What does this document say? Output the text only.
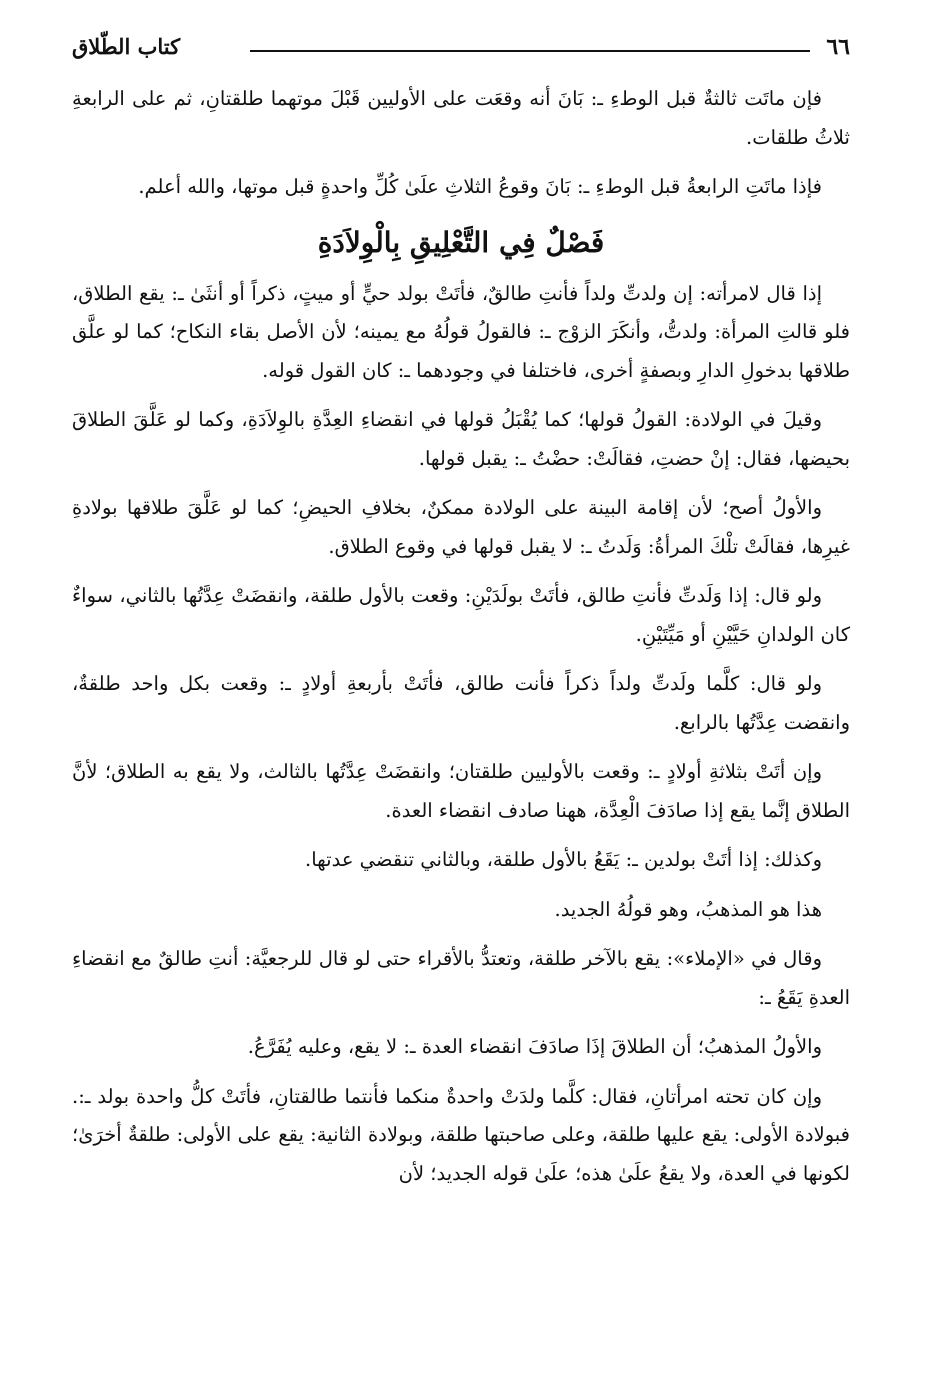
٦٦
كتاب الطّلاق

فإن ماتَت ثالثةٌ قبل الوطءِ ـ: بَانَ أنه وقعَت على الأوليين قَبْلَ موتهما طلقتانِ، ثم على الرابعةِ ثلاثُ طلقات.

فإذا ماتَتِ الرابعةُ قبل الوطءِ ـ: بَانَ وقوعُ الثلاثِ علَىٰ كُلِّ واحدةٍ قبل موتها، والله أعلم.

فَصْلٌ فِي التَّعْلِيقِ بِالْوِلاَدَةِ

إذا قال لامرأته: إن ولدتِّ ولداً فأنتِ طالقٌ، فأتَتْ بولد حيٍّ أو ميتٍ، ذكراً أو أنثَىٰ ـ: يقع الطلاق، فلو قالتِ المرأة: ولدتُّ، وأنكَرَ الزوْج ـ: فالقولُ قولُهُ مع يمينه؛ لأن الأصل بقاء النكاح؛ كما لو علَّق طلاقها بدخولِ الدارِ وبصفةٍ أخرى، فاختلفا في وجودهما ـ: كان القول قوله.

وقيلَ في الولادة: القولُ قولها؛ كما يُقْبَلُ قولها في انقضاءِ العِدَّةِ بالوِلاَدَةِ، وكما لو عَلَّقَ الطلاقَ بحيضها، فقال: إنْ حضتِ، فقالَتْ: حضْتُ ـ: يقبل قولها.

والأولُ أصح؛ لأن إقامة البينة على الولادة ممكنٌ، بخلافِ الحيضِ؛ كما لو عَلَّقَ طلاقها بولادةِ غيرِها، فقالَتْ تلْكَ المرأةُ: وَلَدتُ ـ: لا يقبل قولها في وقوع الطلاق.

ولو قال: إذا وَلَدتِّ فأنتِ طالق، فأتَتْ بولَدَيْنِ: وقعت بالأول طلقة، وانقضَتْ عِدَّتُها بالثاني، سواءٌ كان الولدانِ حَيَّيْنِ أو مَيِّتَيْنِ.

ولو قال: كلَّما ولَدتِّ ولداً ذكراً فأنت طالق، فأتَتْ بأربعةِ أولادٍ ـ: وقعت بكل واحد طلقةٌ، وانقضت عِدَّتُها بالرابع.

وإن أتَتْ بثلاثةِ أولادٍ ـ: وقعت بالأوليين طلقتان؛ وانقضَتْ عِدَّتُها بالثالث، ولا يقع به الطلاق؛ لأنَّ الطلاق إنَّما يقع إذا صادَفَ الْعِدَّة، ههنا صادف انقضاء العدة.

وكذلك: إذا أتَتْ بولدين ـ: يَقَعُ بالأول طلقة، وبالثاني تنقضي عدتها.

هذا هو المذهبُ، وهو قولُهُ الجديد.

وقال في «الإملاء»: يقع بالآخر طلقة، وتعتدُّ بالأقراء حتى لو قال للرجعيَّة: أنتِ طالقٌ مع انقضاءِ العدةِ يَقَعُ ـ:

والأولُ المذهبُ؛ أن الطلاقَ إذَا صادَفَ انقضاء العدة ـ: لا يقع، وعليه يُفَرَّعُ.

وإن كان تحته امرأتانِ، فقال: كلَّما ولدَتْ واحدةٌ منكما فأنتما طالقتانِ، فأتَتْ كلُّ واحدة بولد ـ:. فبولادة الأولى: يقع عليها طلقة، وعلى صاحبتها طلقة، وبولادة الثانية: يقع على الأولى: طلقةٌ أخرَىٰ؛ لكونها في العدة، ولا يقعُ علَىٰ هذه؛ علَىٰ قوله الجديد؛ لأن
